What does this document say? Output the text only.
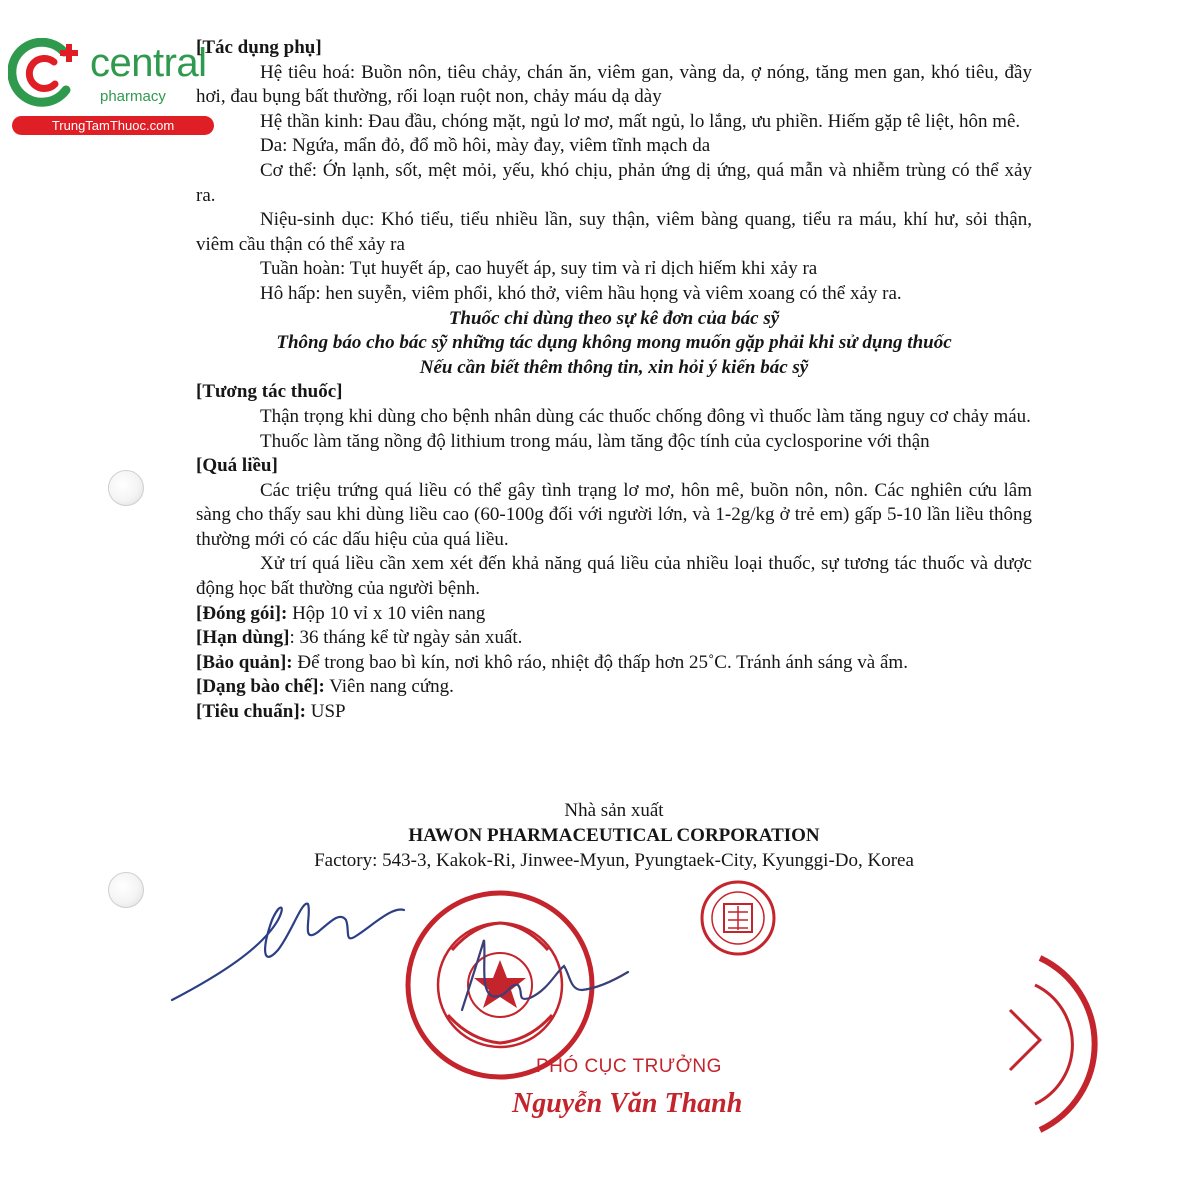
central
pharmacy
TrungTamThuoc.com

[Tác dụng phụ]

Hệ tiêu hoá: Buồn nôn, tiêu chảy, chán ăn, viêm gan, vàng da, ợ nóng, tăng men gan, khó tiêu, đầy hơi, đau bụng bất thường, rối loạn ruột non, chảy máu dạ dày

Hệ thần kinh: Đau đầu, chóng mặt, ngủ lơ mơ, mất ngủ, lo lắng, ưu phiền. Hiếm gặp tê liệt, hôn mê.

Da: Ngứa, mẩn đỏ, đổ mồ hôi, mày đay, viêm tĩnh mạch da

Cơ thể: Ớn lạnh, sốt, mệt mỏi, yếu, khó chịu, phản ứng dị ứng, quá mẫn và nhiễm trùng có thể xảy ra.

Niệu-sinh dục: Khó tiểu, tiểu nhiều lần, suy thận, viêm bàng quang, tiểu ra máu, khí hư, sỏi thận, viêm cầu thận có thể xảy ra

Tuần hoàn: Tụt huyết áp, cao huyết áp, suy tim và rỉ dịch hiếm khi xảy ra

Hô hấp: hen suyễn, viêm phổi, khó thở, viêm hầu họng và viêm xoang có thể xảy ra.

Thuốc chỉ dùng theo sự kê đơn của bác sỹ

Thông báo cho bác sỹ những tác dụng không mong muốn gặp phải khi sử dụng thuốc

Nếu cần biết thêm thông tin, xin hỏi ý kiến bác sỹ

[Tương tác thuốc]

Thận trọng khi dùng cho bệnh nhân dùng các thuốc chống đông vì thuốc làm tăng nguy cơ chảy máu.

Thuốc làm tăng nồng độ lithium trong máu, làm tăng độc tính của cyclosporine với thận

[Quá liều]

Các triệu trứng quá liều có thể gây tình trạng lơ mơ, hôn mê, buồn nôn, nôn. Các nghiên cứu lâm sàng cho thấy sau khi dùng liều cao (60-100g đối với người lớn, và 1-2g/kg ở trẻ em) gấp 5-10 lần liều thông thường mới có các dấu hiệu của quá liều.

Xử trí quá liều cần xem xét đến khả năng quá liều của nhiều loại thuốc, sự tương tác thuốc và dược động học bất thường của người bệnh.

[Đóng gói]: Hộp 10 vỉ x 10 viên nang

[Hạn dùng]: 36 tháng kể từ ngày sản xuất.

[Bảo quản]: Để trong bao bì kín, nơi khô ráo, nhiệt độ thấp hơn 25˚C. Tránh ánh sáng và ẩm.

[Dạng bào chế]: Viên nang cứng.

[Tiêu chuẩn]: USP

Nhà sản xuất
HAWON PHARMACEUTICAL CORPORATION
Factory: 543-3, Kakok-Ri, Jinwee-Myun, Pyungtaek-City, Kyunggi-Do, Korea
PHÓ CỤC TRƯỞNG
Nguyễn Văn Thanh
